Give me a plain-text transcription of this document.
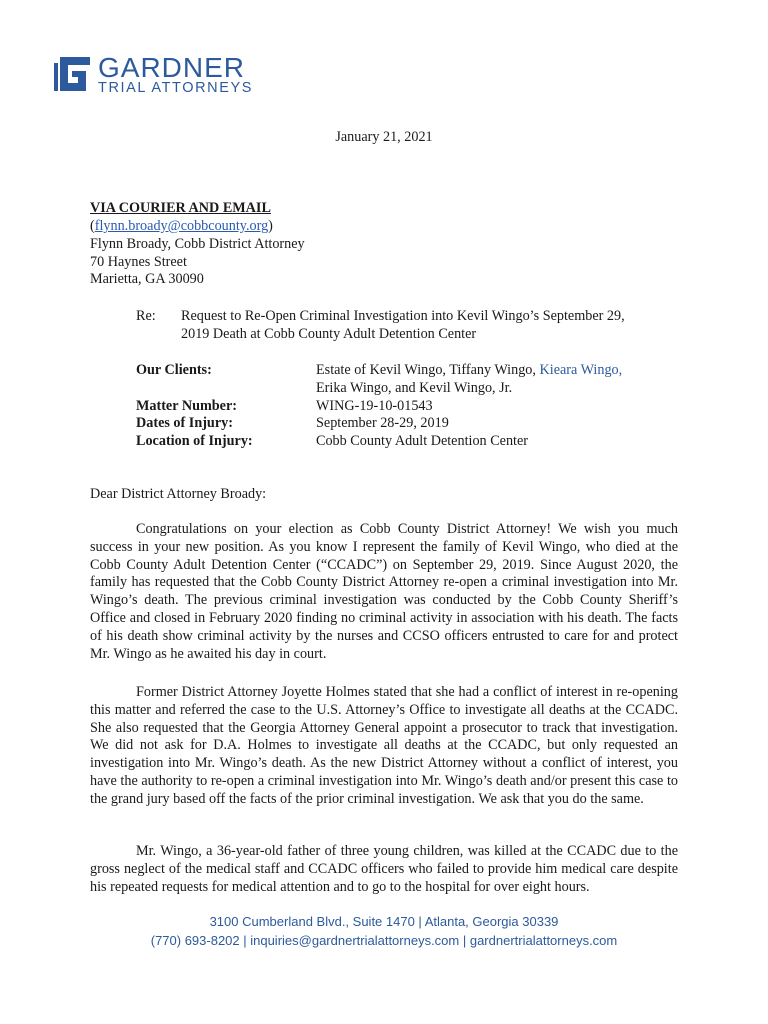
GARDNER
TRIAL ATTORNEYS
January 21, 2021
VIA COURIER AND EMAIL
(flynn.broady@cobbcounty.org)
Flynn Broady, Cobb District Attorney
70 Haynes Street
Marietta, GA 30090
Re: Request to Re-Open Criminal Investigation into Kevil Wingo’s September 29,
2019 Death at Cobb County Adult Detention Center
Our Clients:	Estate of Kevil Wingo, Tiffany Wingo, Kieara Wingo,
Erika Wingo, and Kevil Wingo, Jr.
Matter Number:	WING-19-10-01543
Dates of Injury:	September 28-29, 2019
Location of Injury:	Cobb County Adult Detention Center
Dear District Attorney Broady:
Congratulations on your election as Cobb County District Attorney! We wish you much success in your new position. As you know I represent the family of Kevil Wingo, who died at the Cobb County Adult Detention Center (“CCADC”) on September 29, 2019. Since August 2020, the family has requested that the Cobb County District Attorney re-open a criminal investigation into Mr. Wingo’s death. The previous criminal investigation was conducted by the Cobb County Sheriff’s Office and closed in February 2020 finding no criminal activity in association with his death. The facts of his death show criminal activity by the nurses and CCSO officers entrusted to care for and protect Mr. Wingo as he awaited his day in court.
Former District Attorney Joyette Holmes stated that she had a conflict of interest in re-opening this matter and referred the case to the U.S. Attorney’s Office to investigate all deaths at the CCADC. She also requested that the Georgia Attorney General appoint a prosecutor to track that investigation. We did not ask for D.A. Holmes to investigate all deaths at the CCADC, but only requested an investigation into Mr. Wingo’s death. As the new District Attorney without a conflict of interest, you have the authority to re-open a criminal investigation into Mr. Wingo’s death and/or present this case to the grand jury based off the facts of the prior criminal investigation. We ask that you do the same.
Mr. Wingo, a 36-year-old father of three young children, was killed at the CCADC due to the gross neglect of the medical staff and CCADC officers who failed to provide him medical care despite his repeated requests for medical attention and to go to the hospital for over eight hours.
3100 Cumberland Blvd., Suite 1470 | Atlanta, Georgia 30339
(770) 693-8202 | inquiries@gardnertrialattorneys.com | gardnertrialattorneys.com
